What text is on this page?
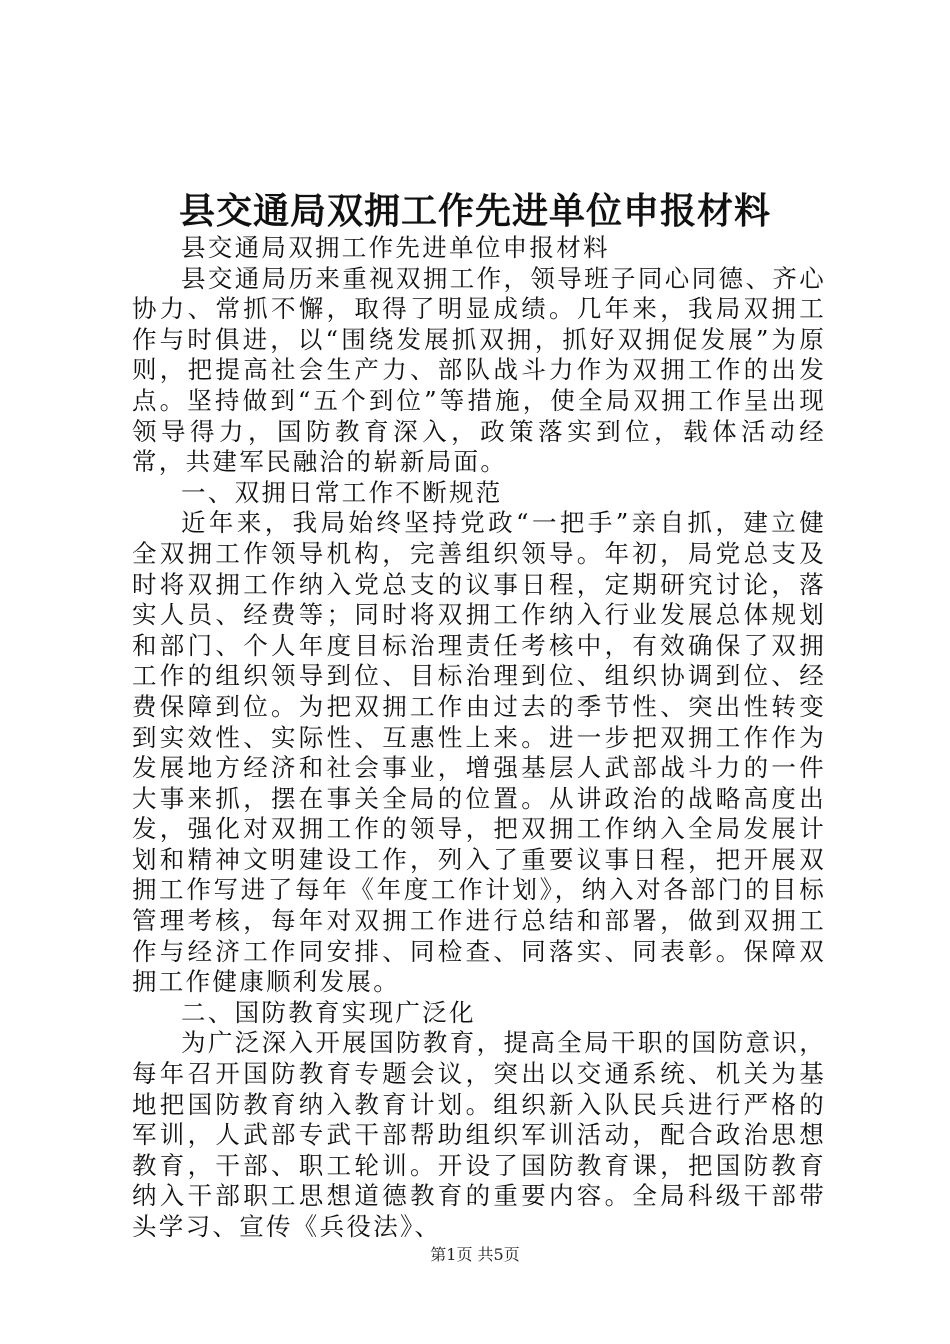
县交通局双拥工作先进单位申报材料

县交通局双拥工作先进单位申报材料

县交通局历来重视双拥工作，领导班子同心同德、齐心协力、常抓不懈，取得了明显成绩。几年来，我局双拥工作与时俱进，以“围绕发展抓双拥，抓好双拥促发展”为原则，把提高社会生产力、部队战斗力作为双拥工作的出发点。坚持做到“五个到位”等措施，使全局双拥工作呈出现领导得力，国防教育深入，政策落实到位，载体活动经常，共建军民融洽的崭新局面。

一、双拥日常工作不断规范

近年来，我局始终坚持党政“一把手”亲自抓，建立健全双拥工作领导机构，完善组织领导。年初，局党总支及时将双拥工作纳入党总支的议事日程，定期研究讨论，落实人员、经费等；同时将双拥工作纳入行业发展总体规划和部门、个人年度目标治理责任考核中，有效确保了双拥工作的组织领导到位、目标治理到位、组织协调到位、经费保障到位。为把双拥工作由过去的季节性、突出性转变到实效性、实际性、互惠性上来。进一步把双拥工作作为发展地方经济和社会事业，增强基层人武部战斗力的一件大事来抓，摆在事关全局的位置。从讲政治的战略高度出发，强化对双拥工作的领导，把双拥工作纳入全局发展计划和精神文明建设工作，列入了重要议事日程，把开展双拥工作写进了每年《年度工作计划》，纳入对各部门的目标管理考核，每年对双拥工作进行总结和部署，做到双拥工作与经济工作同安排、同检查、同落实、同表彰。保障双拥工作健康顺利发展。

二、国防教育实现广泛化

为广泛深入开展国防教育，提高全局干职的国防意识，每年召开国防教育专题会议，突出以交通系统、机关为基地把国防教育纳入教育计划。组织新入队民兵进行严格的军训，人武部专武干部帮助组织军训活动，配合政治思想教育，干部、职工轮训。开设了国防教育课，把国防教育纳入干部职工思想道德教育的重要内容。全局科级干部带头学习、宣传《兵役法》、

第1页 共5页
